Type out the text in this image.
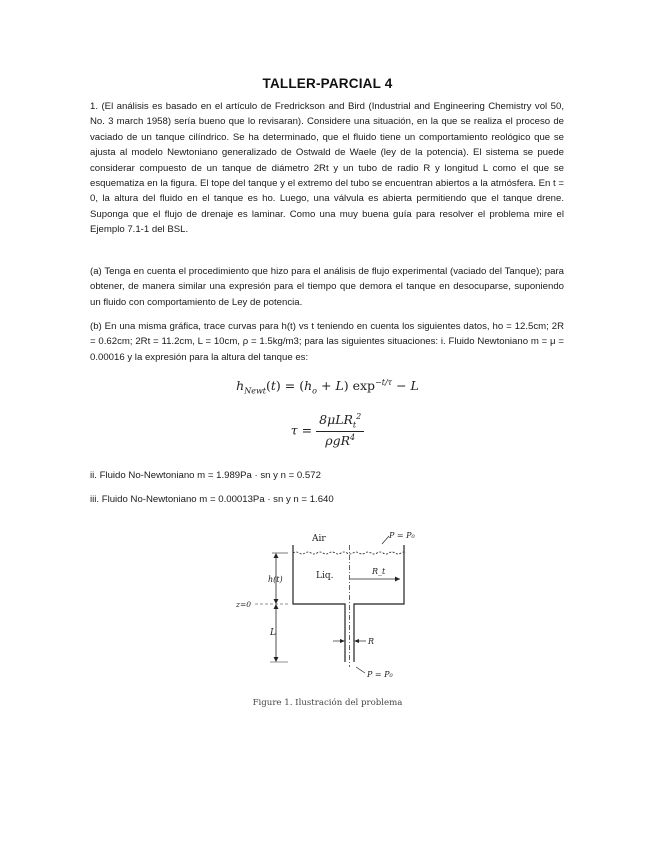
TALLER-PARCIAL 4
1. (El análisis es basado en el artículo de Fredrickson and Bird (Industrial and Engineering Chemistry vol 50, No. 3 march 1958) sería bueno que lo revisaran). Considere una situación, en la que se realiza el proceso de vaciado de un tanque cilíndrico. Se ha determinado, que el fluido tiene un comportamiento reológico que se ajusta al modelo Newtoniano generalizado de Ostwald de Waele (ley de la potencia). El sistema se puede considerar compuesto de un tanque de diámetro 2Rt y un tubo de radio R y longitud L como el que se esquematiza en la figura. El tope del tanque y el extremo del tubo se encuentran abiertos a la atmósfera. En t = 0, la altura del fluido en el tanque es ho. Luego, una válvula es abierta permitiendo que el tanque drene. Suponga que el flujo de drenaje es laminar. Como una muy buena guía para resolver el problema mire el Ejemplo 7.1-1 del BSL.
(a) Tenga en cuenta el procedimiento que hizo para el análisis de flujo experimental (vaciado del Tanque); para obtener, de manera similar una expresión para el tiempo que demora el tanque en desocuparse, suponiendo un fluido con comportamiento de Ley de potencia.
(b) En una misma gráfica, trace curvas para h(t) vs t teniendo en cuenta los siguientes datos, ho = 12.5cm; 2R = 0.62cm; 2Rt = 11.2cm, L = 10cm, ρ = 1.5kg/m3; para las siguientes situaciones: i. Fluido Newtoniano m = μ = 0.00016 y la expresión para la altura del tanque es:
$h_{Newt}(t) = (h_o + L) \exp^{-t/\tau} - L$
$\tau = \frac{8\mu LR_t^2}{\rho gR^4}$
ii. Fluido No-Newtoniano m = 1.989Pa · sn y n = 0.572
iii. Fluido No-Newtoniano m = 0.00013Pa · sn y n = 1.640
Air
Liq.	R_t
P = P₀
h(t)
z=0
L
R
P = P₀
Figure 1. Ilustración del problema
